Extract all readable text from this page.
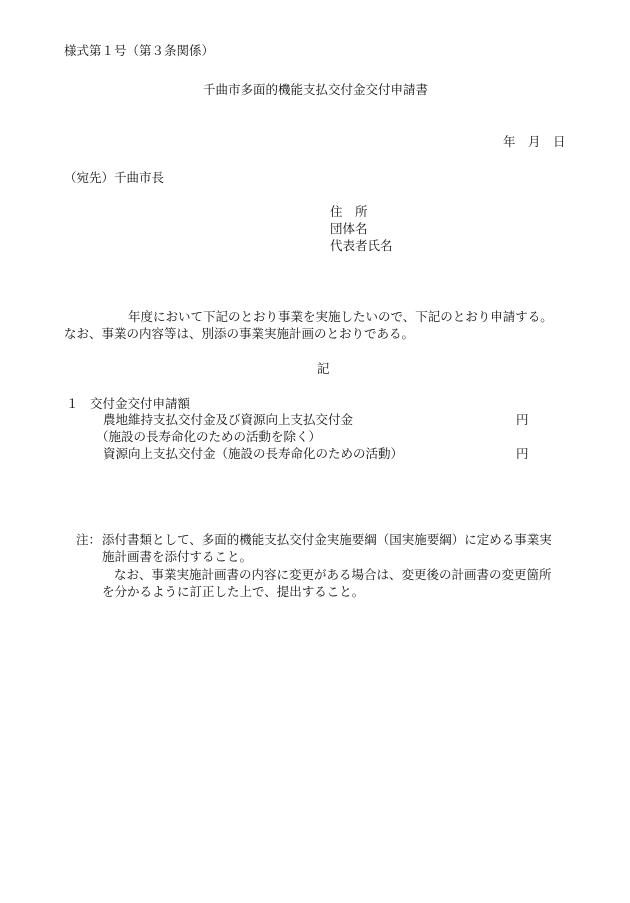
様式第１号（第３条関係）
千曲市多面的機能支払交付金交付申請書
年　月　日
（宛先）千曲市長
住　所
団体名
代表者氏名
年度において下記のとおり事業を実施したいので、下記のとおり申請する。
なお、事業の内容等は、別添の事業実施計画のとおりである。
記
１ 交付金交付申請額
農地維持支払交付金及び資源向上支払交付金	円
（施設の長寿命化のための活動を除く）
資源向上支払交付金（施設の長寿命化のための活動）	円
注： 添付書類として、多面的機能支払交付金実施要綱（国実施要綱）に定める事業実
施計画書を添付すること。
なお、事業実施計画書の内容に変更がある場合は、変更後の計画書の変更箇所
を分かるように訂正した上で、提出すること。
